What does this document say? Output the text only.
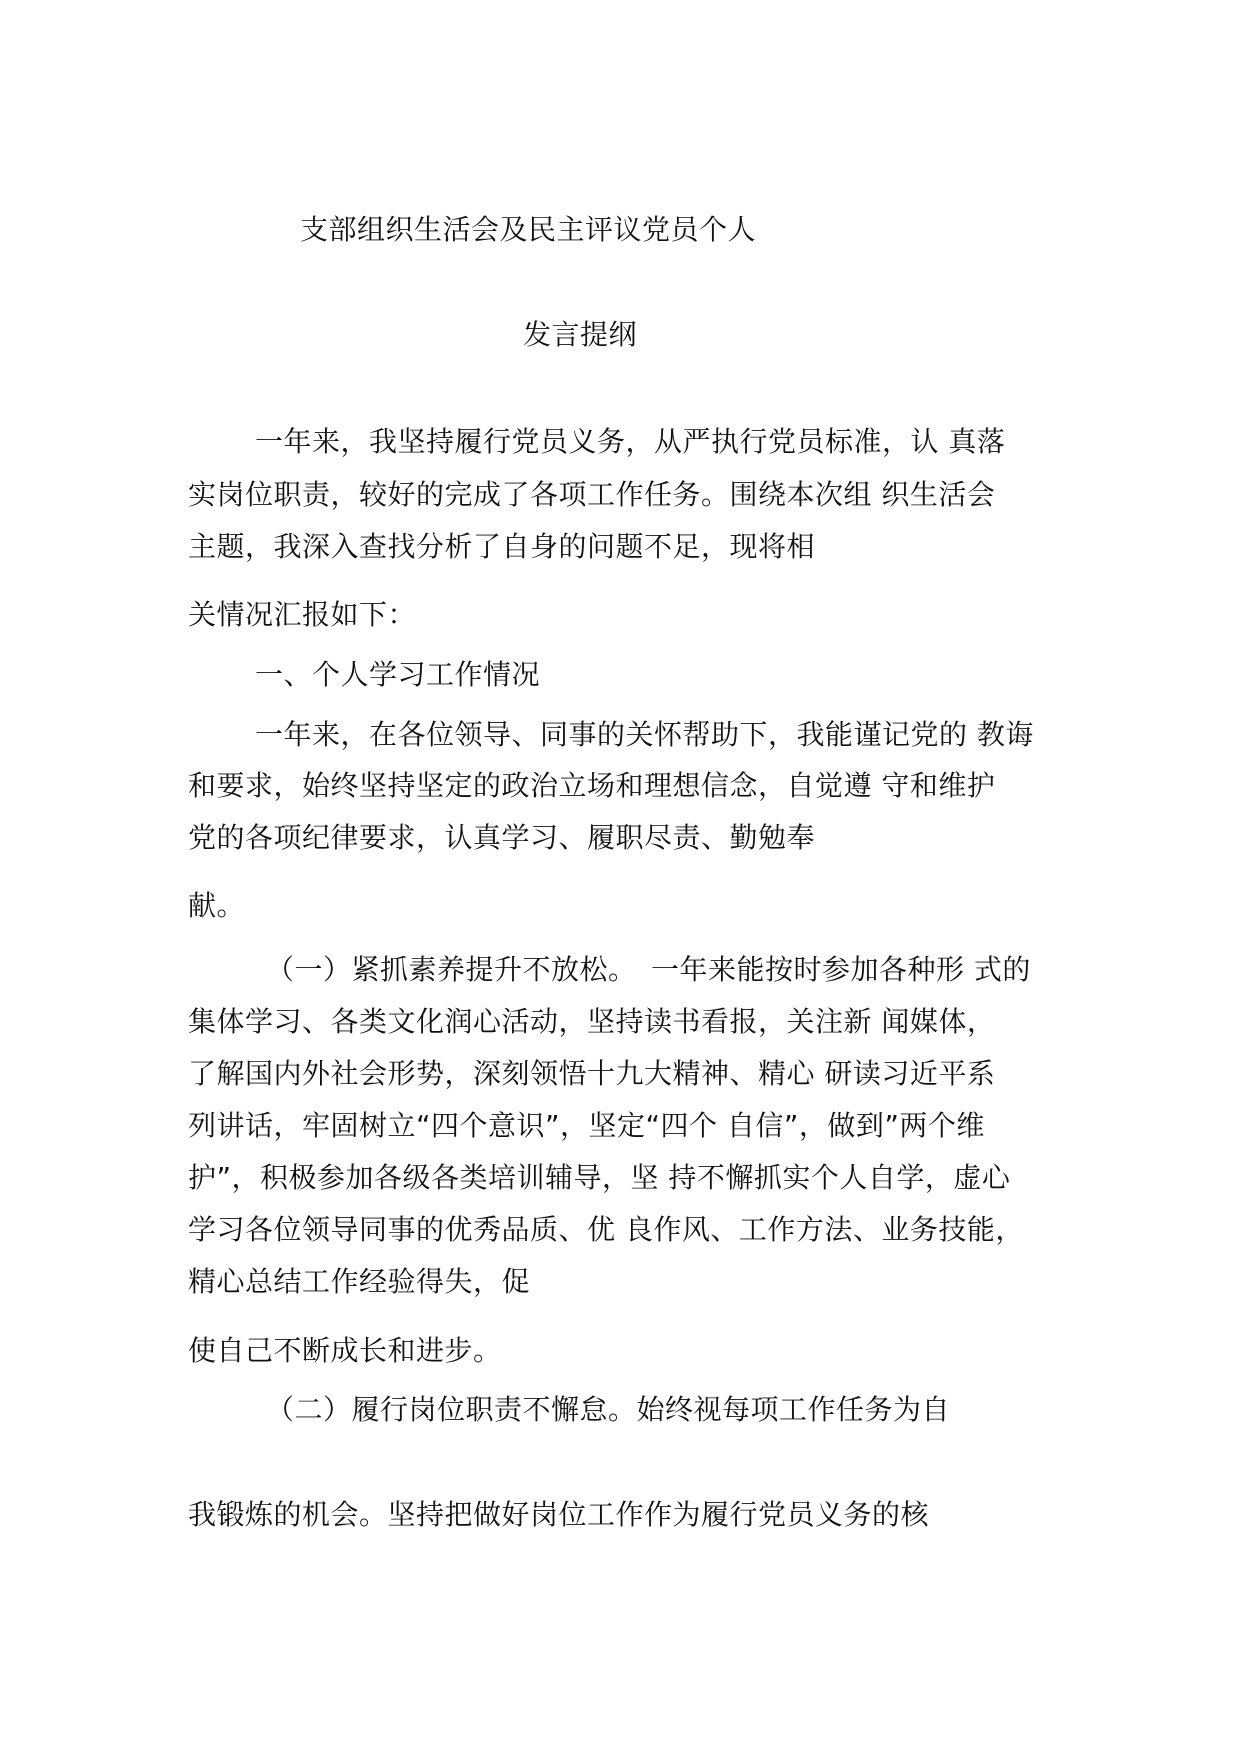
支部组织生活会及民主评议党员个人
发言提纲
一年来，我坚持履行党员义务，从严执行党员标准，认 真落
实岗位职责，较好的完成了各项工作任务。围绕本次组 织生活会
主题，我深入查找分析了自身的问题不足，现将相
关情况汇报如下：
一、个人学习工作情况
一年来，在各位领导、同事的关怀帮助下，我能谨记党的 教诲
和要求，始终坚持坚定的政治立场和理想信念，自觉遵 守和维护
党的各项纪律要求，认真学习、履职尽责、勤勉奉
献。
（一）紧抓素养提升不放松。　一年来能按时参加各种形 式的
集体学习、各类文化润心活动，坚持读书看报，关注新 闻媒体，
了解国内外社会形势，深刻领悟十九大精神、精心 研读习近平系
列讲话，牢固树立“四个意识”，坚定“四个 自信”，做到”两个维
护”，积极参加各级各类培训辅导，坚 持不懈抓实个人自学，虚心
学习各位领导同事的优秀品质、优 良作风、工作方法、业务技能，
精心总结工作经验得失，促
使自己不断成长和进步。
（二）履行岗位职责不懈怠。始终视每项工作任务为自
我锻炼的机会。坚持把做好岗位工作作为履行党员义务的核
